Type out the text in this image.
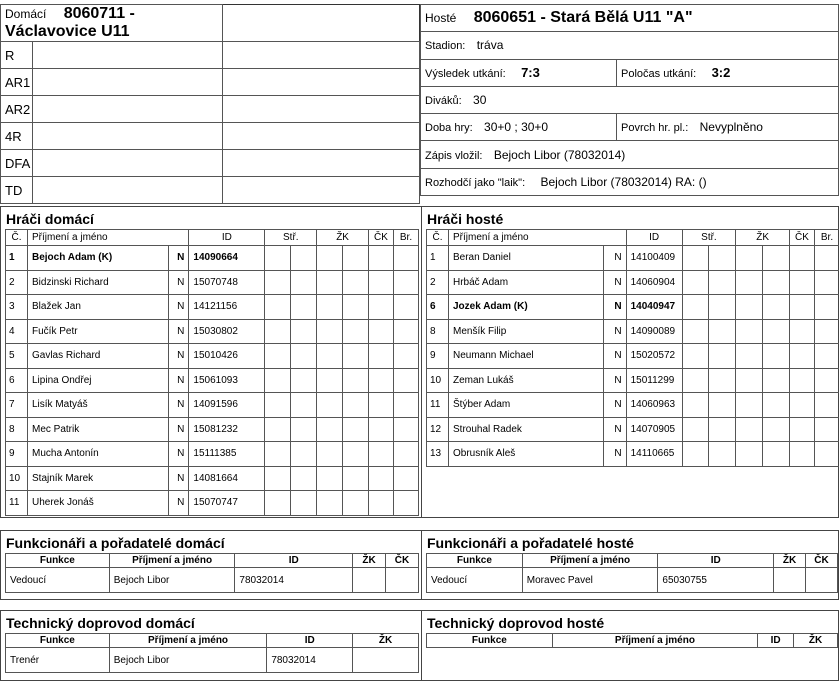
Domácí 8060711 - Václavovice U11		
R		
AR1		
AR2		
4R		
DFA		
TD		
Hosté 8060651 - Stará Bělá U11 "A"	
Stadion: tráva	
Výsledek utkání: 7:3	Poločas utkání: 3:2
Diváků: 30	
Doba hry: 30+0 ; 30+0	Povrch hr. pl.: Nevyplněno
Zápis vložil: Bejoch Libor (78032014)	
Rozhodčí jako "laik": Bejoch Libor (78032014) RA: ()	
Hráči domácí
Č.	Příjmení a jméno		ID	Stř.		ŽK		ČK	Br.
1	Bejoch Adam (K)	N	14090664						
2	Bidzinski Richard	N	15070748						
3	Blažek Jan	N	14121156						
4	Fučík Petr	N	15030802						
5	Gavlas Richard	N	15010426						
6	Lipina Ondřej	N	15061093						
7	Lisík Matyáš	N	14091596						
8	Mec Patrik	N	15081232						
9	Mucha Antonín	N	15111385						
10	Stajník Marek	N	14081664						
11	Uherek Jonáš	N	15070747						
Hráči hosté
Č.	Příjmení a jméno		ID	Stř.		ŽK		ČK	Br.
1	Beran Daniel	N	14100409						
2	Hrbáč Adam	N	14060904						
6	Jozek Adam (K)	N	14040947						
8	Menšík Filip	N	14090089						
9	Neumann Michael	N	15020572						
10	Zeman Lukáš	N	15011299						
11	Štýber Adam	N	14060963						
12	Strouhal Radek	N	14070905						
13	Obrusník Aleš	N	14110665						
Funkcionáři a pořadatelé domácí
Funkce	Příjmení a jméno	ID	ŽK	ČK
Vedoucí	Bejoch Libor	78032014		
Funkcionáři a pořadatelé hosté
Funkce	Příjmení a jméno	ID	ŽK	ČK
Vedoucí	Moravec Pavel	65030755		
Technický doprovod domácí
Funkce	Příjmení a jméno	ID	ŽK
Trenér	Bejoch Libor	78032014	
Technický doprovod hosté
Funkce	Příjmení a jméno	ID	ŽK
